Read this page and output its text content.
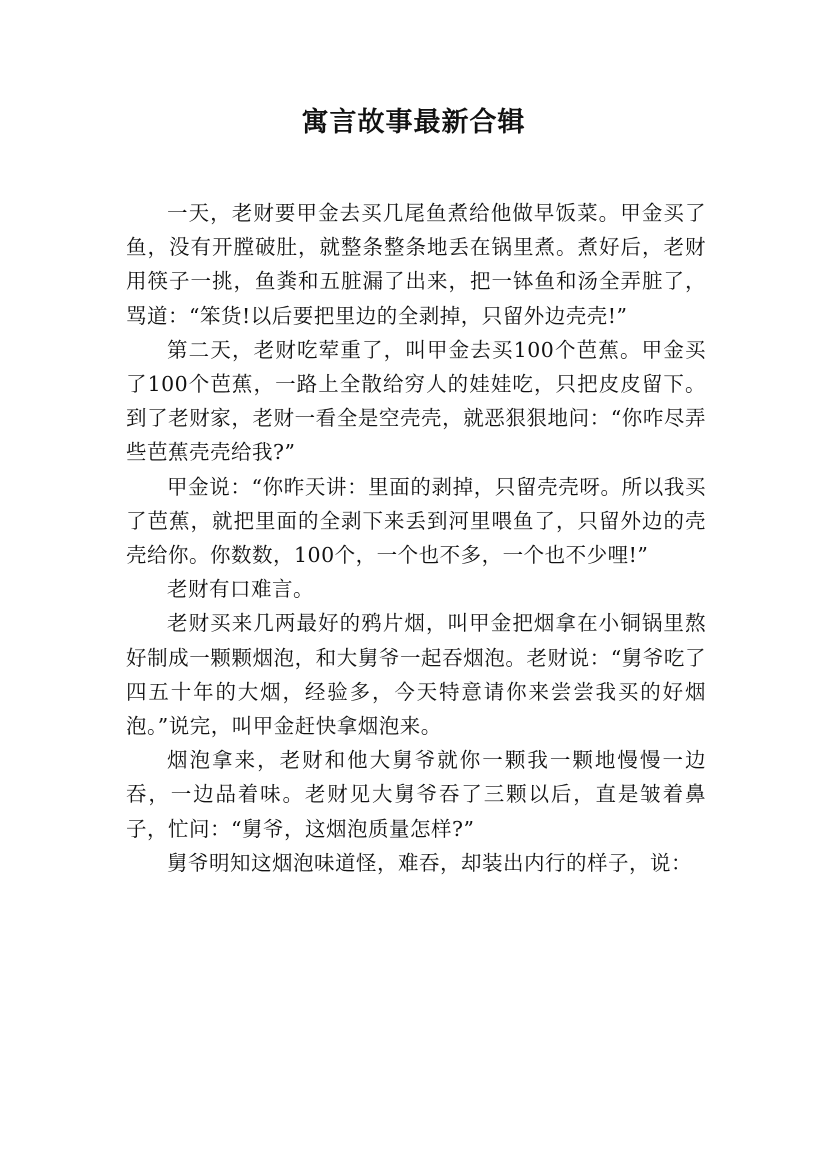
寓言故事最新合辑

一天，老财要甲金去买几尾鱼煮给他做早饭菜。甲金买了鱼，没有开膛破肚，就整条整条地丢在锅里煮。煮好后，老财用筷子一挑，鱼粪和五脏漏了出来，把一钵鱼和汤全弄脏了，骂道：“笨货!以后要把里边的全剥掉，只留外边壳壳!”

第二天，老财吃荤重了，叫甲金去买100个芭蕉。甲金买了100个芭蕉，一路上全散给穷人的娃娃吃，只把皮皮留下。到了老财家，老财一看全是空壳壳，就恶狠狠地问：“你咋尽弄些芭蕉壳壳给我?”

甲金说：“你昨天讲：里面的剥掉，只留壳壳呀。所以我买了芭蕉，就把里面的全剥下来丢到河里喂鱼了，只留外边的壳壳给你。你数数，100个，一个也不多，一个也不少哩!”

老财有口难言。

老财买来几两最好的鸦片烟，叫甲金把烟拿在小铜锅里熬好制成一颗颗烟泡，和大舅爷一起吞烟泡。老财说：“舅爷吃了四五十年的大烟，经验多，今天特意请你来尝尝我买的好烟泡。”说完，叫甲金赶快拿烟泡来。

烟泡拿来，老财和他大舅爷就你一颗我一颗地慢慢一边吞，一边品着味。老财见大舅爷吞了三颗以后，直是皱着鼻子，忙问：“舅爷，这烟泡质量怎样?”

舅爷明知这烟泡味道怪，难吞，却装出内行的样子，说：
